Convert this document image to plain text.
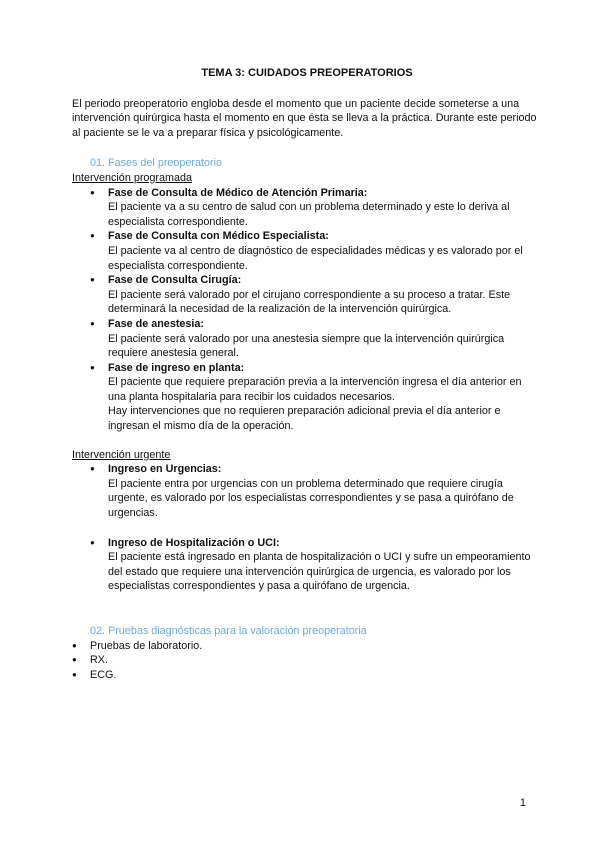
TEMA 3: CUIDADOS PREOPERATORIOS

El periodo preoperatorio engloba desde el momento que un paciente decide someterse a una intervención quirúrgica hasta el momento en que ésta se lleva a la práctica. Durante este periodo al paciente se le va a preparar física y psicológicamente.

01. Fases del preoperatorio

Intervención programada

● Fase de Consulta de Médico de Atención Primaria:
El paciente va a su centro de salud con un problema determinado y este lo deriva al especialista correspondiente.
● Fase de Consulta con Médico Especialista:
El paciente va al centro de diagnóstico de especialidades médicas y es valorado por el especialista correspondiente.
● Fase de Consulta Cirugía:
El paciente será valorado por el cirujano correspondiente a su proceso a tratar. Este determinará la necesidad de la realización de la intervención quirúrgica.
● Fase de anestesia:
El paciente será valorado por una anestesia siempre que la intervención quirúrgica requiere anestesia general.
● Fase de ingreso en planta:
El paciente que requiere preparación previa a la intervención ingresa el día anterior en una planta hospitalaria para recibir los cuidados necesarios.
Hay intervenciones que no requieren preparación adicional previa el día anterior e ingresan el mismo día de la operación.

Intervención urgente

● Ingreso en Urgencias:
El paciente entra por urgencias con un problema determinado que requiere cirugía urgente, es valorado por los especialistas correspondientes y se pasa a quirófano de urgencias.
● Ingreso de Hospitalización o UCI:
El paciente está ingresado en planta de hospitalización o UCI y sufre un empeoramiento del estado que requiere una intervención quirúrgica de urgencia, es valorado por los especialistas correspondientes y pasa a quirófano de urgencia.

02. Pruebas diagnósticas para la valoración preoperatoria

● Pruebas de laboratorio.
● RX.
● ECG.
1
